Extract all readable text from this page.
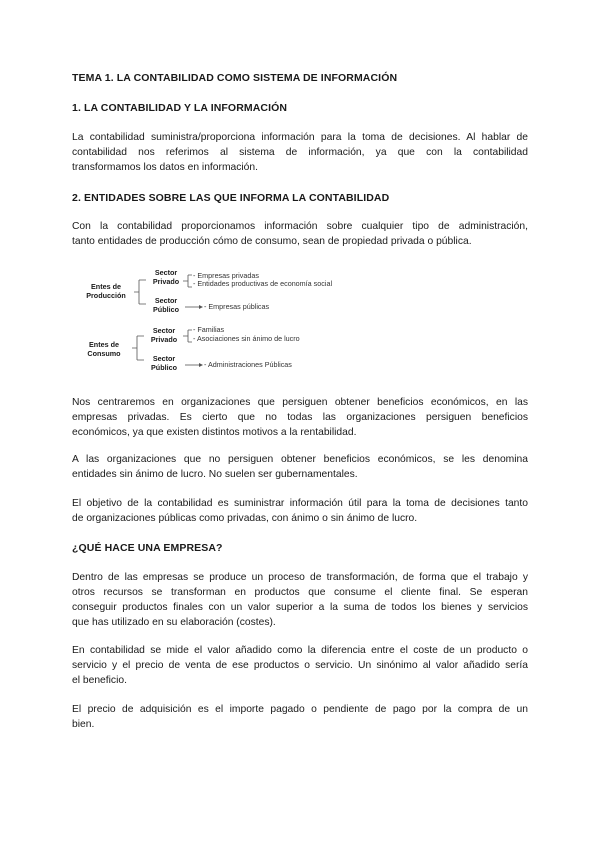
TEMA 1. LA CONTABILIDAD COMO SISTEMA DE INFORMACIÓN
1. LA CONTABILIDAD Y LA INFORMACIÓN
La contabilidad suministra/proporciona información para la toma de decisiones. Al hablar de
contabilidad nos referimos al sistema de información, ya que con la contabilidad
transformamos los datos en información.
2. ENTIDADES SOBRE LAS QUE INFORMA LA CONTABILIDAD
Con la contabilidad proporcionamos información sobre cualquier tipo de administración,
tanto entidades de producción cómo de consumo, sean de propiedad privada o pública.
Entes de
Producción
Sector
Privado
- Empresas privadas
- Entidades productivas de economía social
Sector
Público	- Empresas públicas
Entes de
Consumo
Sector
Privado
- Familias
- Asociaciones sin ánimo de lucro
Sector
Público	- Administraciones Públicas
Nos centraremos en organizaciones que persiguen obtener beneficios económicos, en las
empresas privadas. Es cierto que no todas las organizaciones persiguen beneficios
económicos, ya que existen distintos motivos a la rentabilidad.
A las organizaciones que no persiguen obtener beneficios económicos, se les denomina
entidades sin ánimo de lucro. No suelen ser gubernamentales.
El objetivo de la contabilidad es suministrar información útil para la toma de decisiones tanto
de organizaciones públicas como privadas, con ánimo o sin ánimo de lucro.
¿QUÉ HACE UNA EMPRESA?
Dentro de las empresas se produce un proceso de transformación, de forma que el trabajo y
otros recursos se transforman en productos que consume el cliente final. Se esperan
conseguir productos finales con un valor superior a la suma de todos los bienes y servicios
que has utilizado en su elaboración (costes).
En contabilidad se mide el valor añadido como la diferencia entre el coste de un producto o
servicio y el precio de venta de ese productos o servicio. Un sinónimo al valor añadido sería
el beneficio.
El precio de adquisición es el importe pagado o pendiente de pago por la compra de un
bien.
